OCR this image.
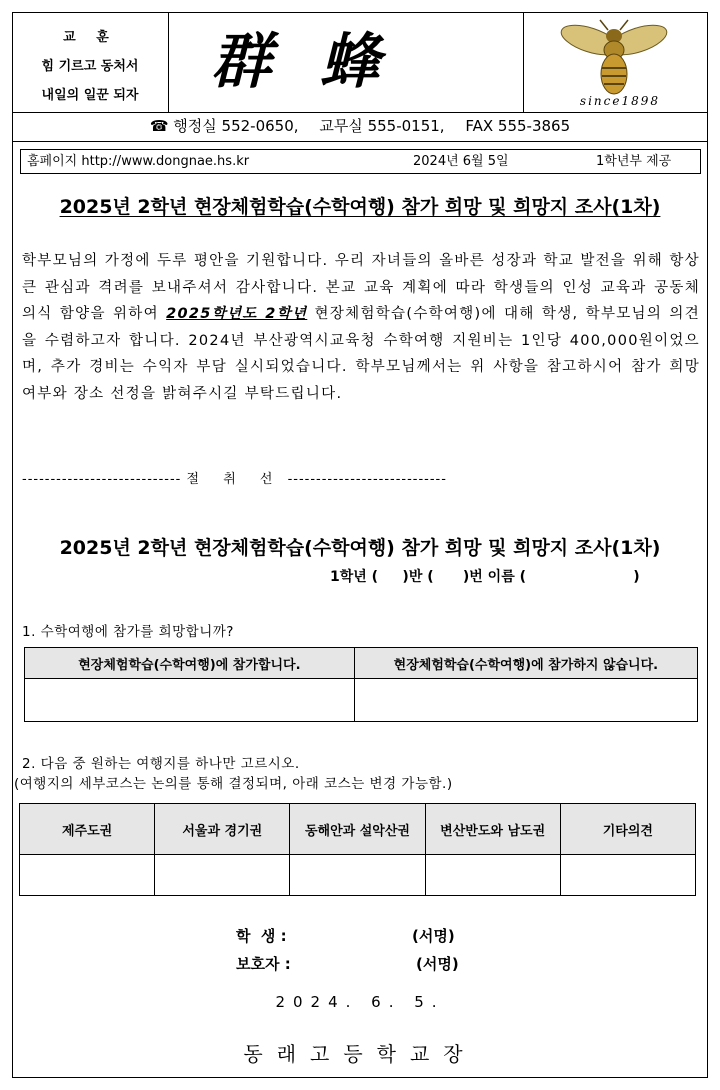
교 훈
힘 기르고 동처서
내일의 일꾼 되자	群 蜂
since1898
☎ 행정실 552-0650, 교무실 555-0151, FAX 555-3865
홈페이지 http://www.dongnae.hs.kr	2024년 6월 5일	1학년부 제공
2025년 2학년 현장체험학습(수학여행) 참가 희망 및 희망지 조사(1차)
학부모님의 가정에 두루 평안을 기원합니다. 우리 자녀들의 올바른 성장과 학교 발전을 위해 항상 큰 관심과 격려를 보내주셔서 감사합니다. 본교 교육 계획에 따라 학생들의 인성 교육과 공동체 의식 함양을 위하여 2025학년도 2학년 현장체험학습(수학여행)에 대해 학생, 학부모님의 의견을 수렴하고자 합니다. 2024년 부산광역시교육청 수학여행 지원비는 1인당 400,000원이었으며, 추가 경비는 수익자 부담 실시되었습니다. 학부모님께서는 위 사항을 참고하시어 참가 희망 여부와 장소 선정을 밝혀주시길 부탁드립니다.
---------------------------- 절 취 선 ----------------------------
2025년 2학년 현장체험학습(수학여행) 참가 희망 및 희망지 조사(1차)
1학년 (     )반 (      )번 이름 (                      )
1. 수학여행에 참가를 희망합니까?
현장체험학습(수학여행)에 참가합니다.	현장체험학습(수학여행)에 참가하지 않습니다.

2. 다음 중 원하는 여행지를 하나만 고르시오.
(여행지의 세부코스는 논의를 통해 결정되며, 아래 코스는 변경 가능함.)
제주도권	서울과 경기권	동해안과 설악산권	변산반도와 남도권	기타의견

학  생 :                        (서명)
보호자 :                        (서명)
2024. 6. 5.
동래고등학교장
